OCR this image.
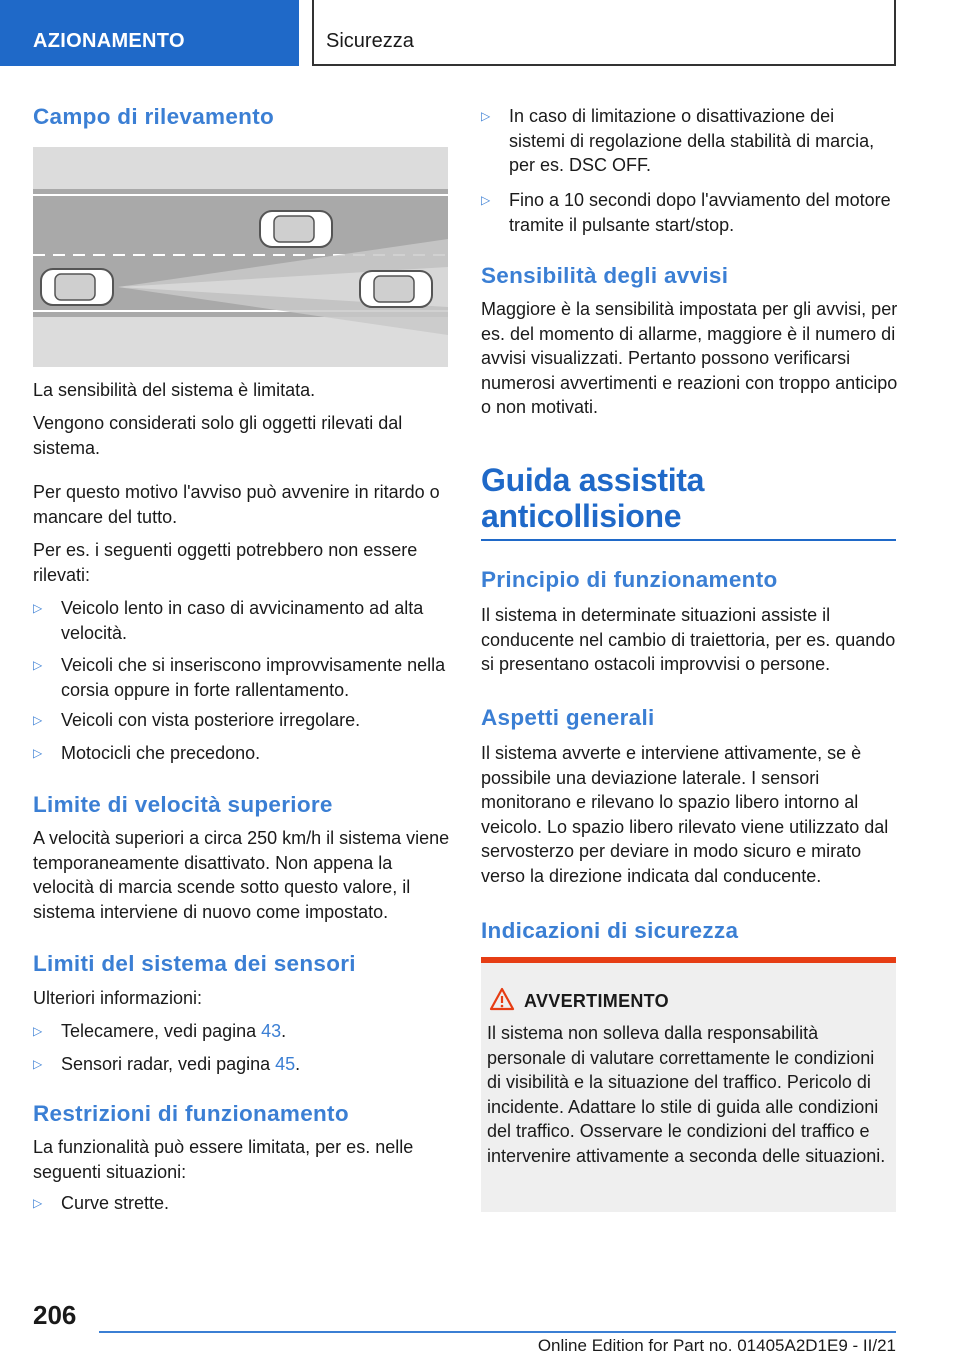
AZIONAMENTO	Sicurezza
Campo di rilevamento
La sensibilità del sistema è limitata.
Vengono considerati solo gli oggetti rilevati dal sistema.
Per questo motivo l'avviso può avvenire in ritardo o mancare del tutto.
Per es. i seguenti oggetti potrebbero non essere rilevati:
▷ Veicolo lento in caso di avvicinamento ad alta velocità.
▷ Veicoli che si inseriscono improvvisamente nella corsia oppure in forte rallentamento.
▷ Veicoli con vista posteriore irregolare.
▷ Motocicli che precedono.
Limite di velocità superiore
A velocità superiori a circa 250 km/h il sistema viene temporaneamente disattivato. Non appena la velocità di marcia scende sotto questo valore, il sistema interviene di nuovo come impostato.
Limiti del sistema dei sensori
Ulteriori informazioni:
▷ Telecamere, vedi pagina 43.
▷ Sensori radar, vedi pagina 45.
Restrizioni di funzionamento
La funzionalità può essere limitata, per es. nelle seguenti situazioni:
▷ Curve strette.
▷ In caso di limitazione o disattivazione dei sistemi di regolazione della stabilità di marcia, per es. DSC OFF.
▷ Fino a 10 secondi dopo l'avviamento del motore tramite il pulsante start/stop.
Sensibilità degli avvisi
Maggiore è la sensibilità impostata per gli avvisi, per es. del momento di allarme, maggiore è il numero di avvisi visualizzati. Pertanto possono verificarsi numerosi avvertimenti e reazioni con troppo anticipo o non motivati.
Guida assistita
anticollisione
Principio di funzionamento
Il sistema in determinate situazioni assiste il conducente nel cambio di traiettoria, per es. quando si presentano ostacoli improvvisi o persone.
Aspetti generali
Il sistema avverte e interviene attivamente, se è possibile una deviazione laterale. I sensori monitorano e rilevano lo spazio libero intorno al veicolo. Lo spazio libero rilevato viene utilizzato dal servosterzo per deviare in modo sicuro e mirato verso la direzione indicata dal conducente.
Indicazioni di sicurezza
AVVERTIMENTO
Il sistema non solleva dalla responsabilità personale di valutare correttamente le condizioni di visibilità e la situazione del traffico. Pericolo di incidente. Adattare lo stile di guida alle condizioni del traffico. Osservare le condizioni del traffico e intervenire attivamente a seconda delle situazioni.
206
Online Edition for Part no. 01405A2D1E9 - II/21
